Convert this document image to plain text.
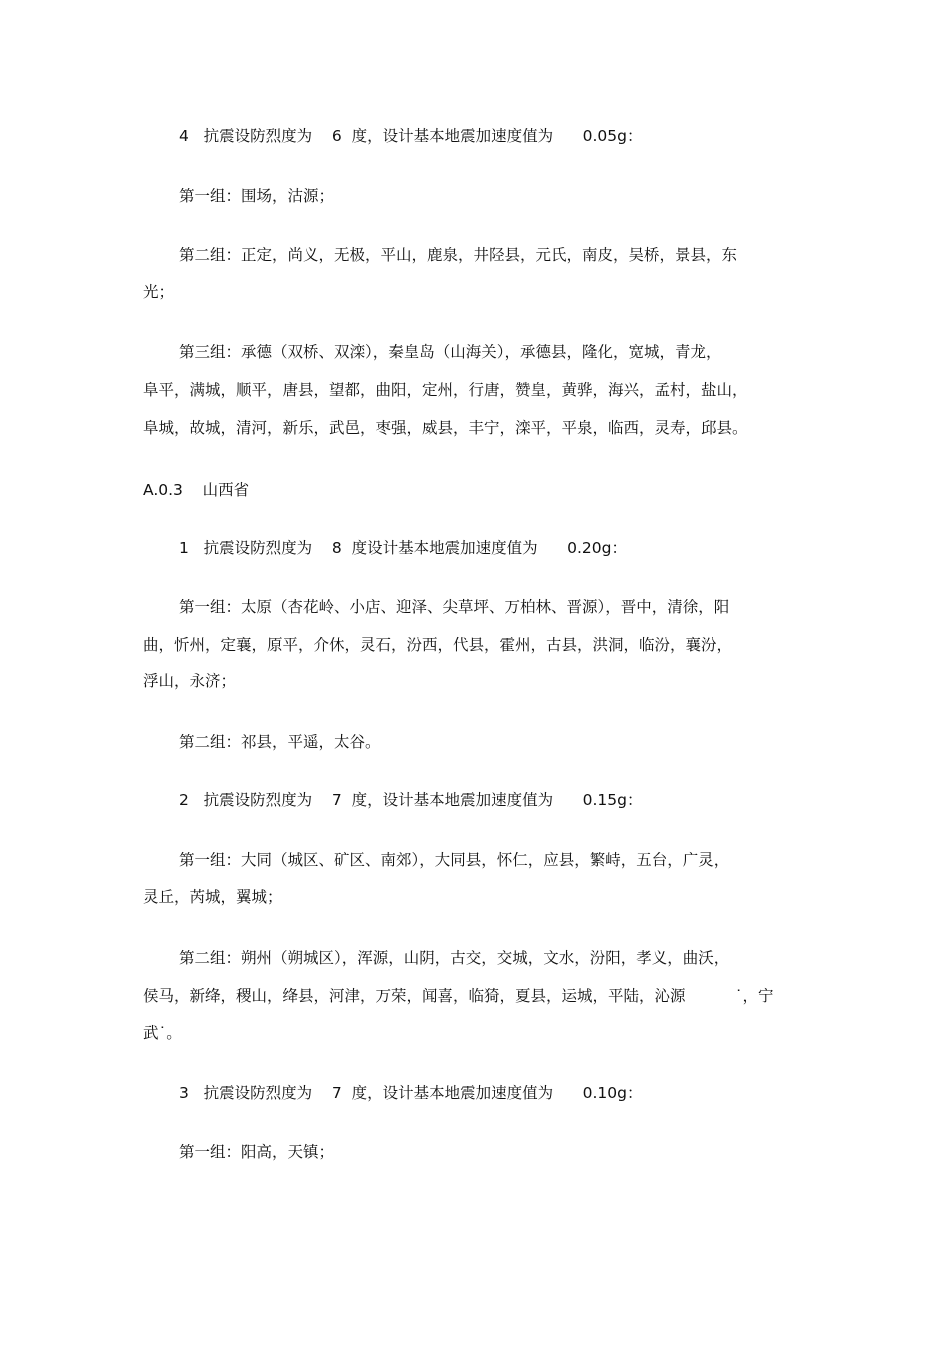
4   抗震设防烈度为    6  度，设计基本地震加速度值为      0.05g：
第一组：围场，沽源；
第二组：正定，尚义，无极，平山，鹿泉，井陉县，元氏，南皮，吴桥，景县，东
光；
第三组：承德（双桥、双滦），秦皇岛（山海关），承德县，隆化，宽城，青龙，
阜平，满城，顺平，唐县，望都，曲阳，定州，行唐，赞皇，黄骅，海兴，孟村，盐山，
阜城，故城，清河，新乐，武邑，枣强，威县，丰宁，滦平，平泉，临西，灵寿，邱县。
A.0.3    山西省
1   抗震设防烈度为    8  度设计基本地震加速度值为      0.20g：
第一组：太原（杏花岭、小店、迎泽、尖草坪、万柏林、晋源），晋中，清徐，阳
曲，忻州，定襄，原平，介休，灵石，汾西，代县，霍州，古县，洪洞，临汾，襄汾，
浮山，永济；
第二组：祁县，平遥，太谷。
2   抗震设防烈度为    7  度，设计基本地震加速度值为      0.15g：
第一组：大同（城区、矿区、南郊），大同县，怀仁，应县，繁峙，五台，广灵，
灵丘，芮城，翼城；
第二组：朔州（朔城区），浑源，山阴，古交，交城，文水，汾阳，孝义，曲沃，
侯马，新绛，稷山，绛县，河津，万荣，闻喜，临猗，夏县，运城，平陆，沁源          ˙，宁
武˙。
3   抗震设防烈度为    7  度，设计基本地震加速度值为      0.10g：
第一组：阳高，天镇；
